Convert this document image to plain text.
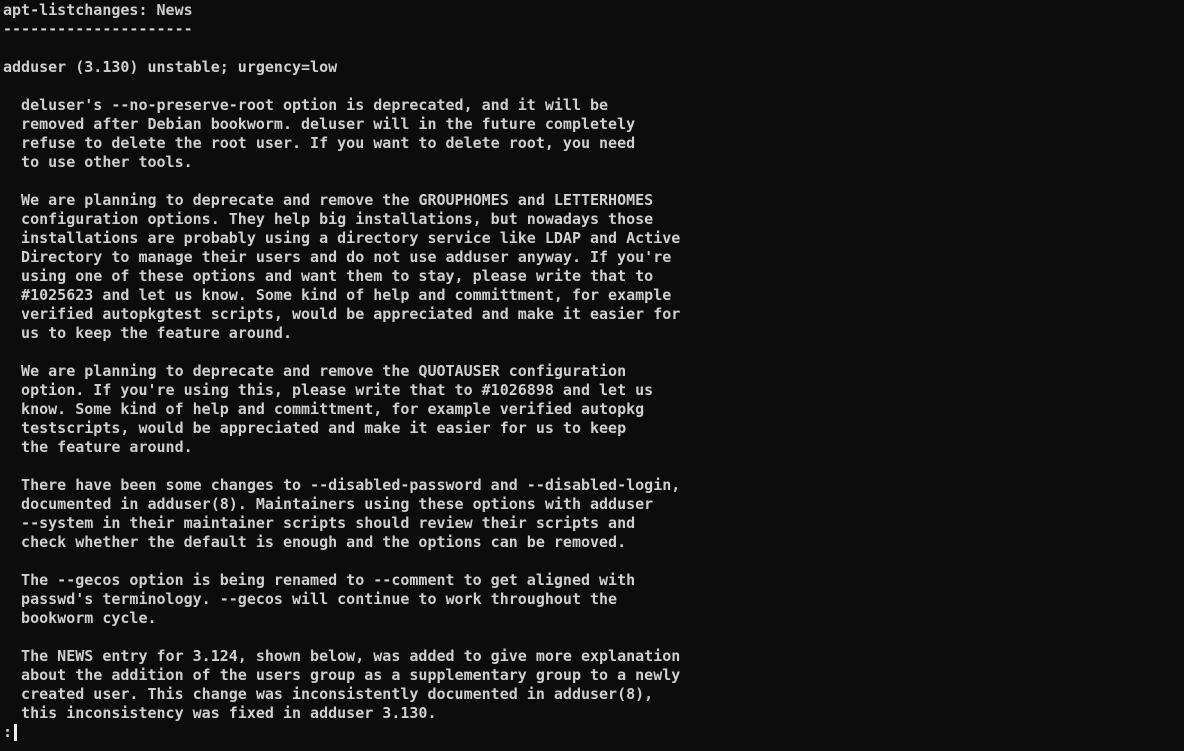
apt-listchanges: News
---------------------
adduser (3.130) unstable; urgency=low
deluser's --no-preserve-root option is deprecated, and it will be
removed after Debian bookworm. deluser will in the future completely
refuse to delete the root user. If you want to delete root, you need
to use other tools.
We are planning to deprecate and remove the GROUPHOMES and LETTERHOMES
configuration options. They help big installations, but nowadays those
installations are probably using a directory service like LDAP and Active
Directory to manage their users and do not use adduser anyway. If you're
using one of these options and want them to stay, please write that to
#1025623 and let us know. Some kind of help and committment, for example
verified autopkgtest scripts, would be appreciated and make it easier for
us to keep the feature around.
We are planning to deprecate and remove the QUOTAUSER configuration
option. If you're using this, please write that to #1026898 and let us
know. Some kind of help and committment, for example verified autopkg
testscripts, would be appreciated and make it easier for us to keep
the feature around.
There have been some changes to --disabled-password and --disabled-login,
documented in adduser(8). Maintainers using these options with adduser
--system in their maintainer scripts should review their scripts and
check whether the default is enough and the options can be removed.
The --gecos option is being renamed to --comment to get aligned with
passwd's terminology. --gecos will continue to work throughout the
bookworm cycle.
The NEWS entry for 3.124, shown below, was added to give more explanation
about the addition of the users group as a supplementary group to a newly
created user. This change was inconsistently documented in adduser(8),
this inconsistency was fixed in adduser 3.130.
:
